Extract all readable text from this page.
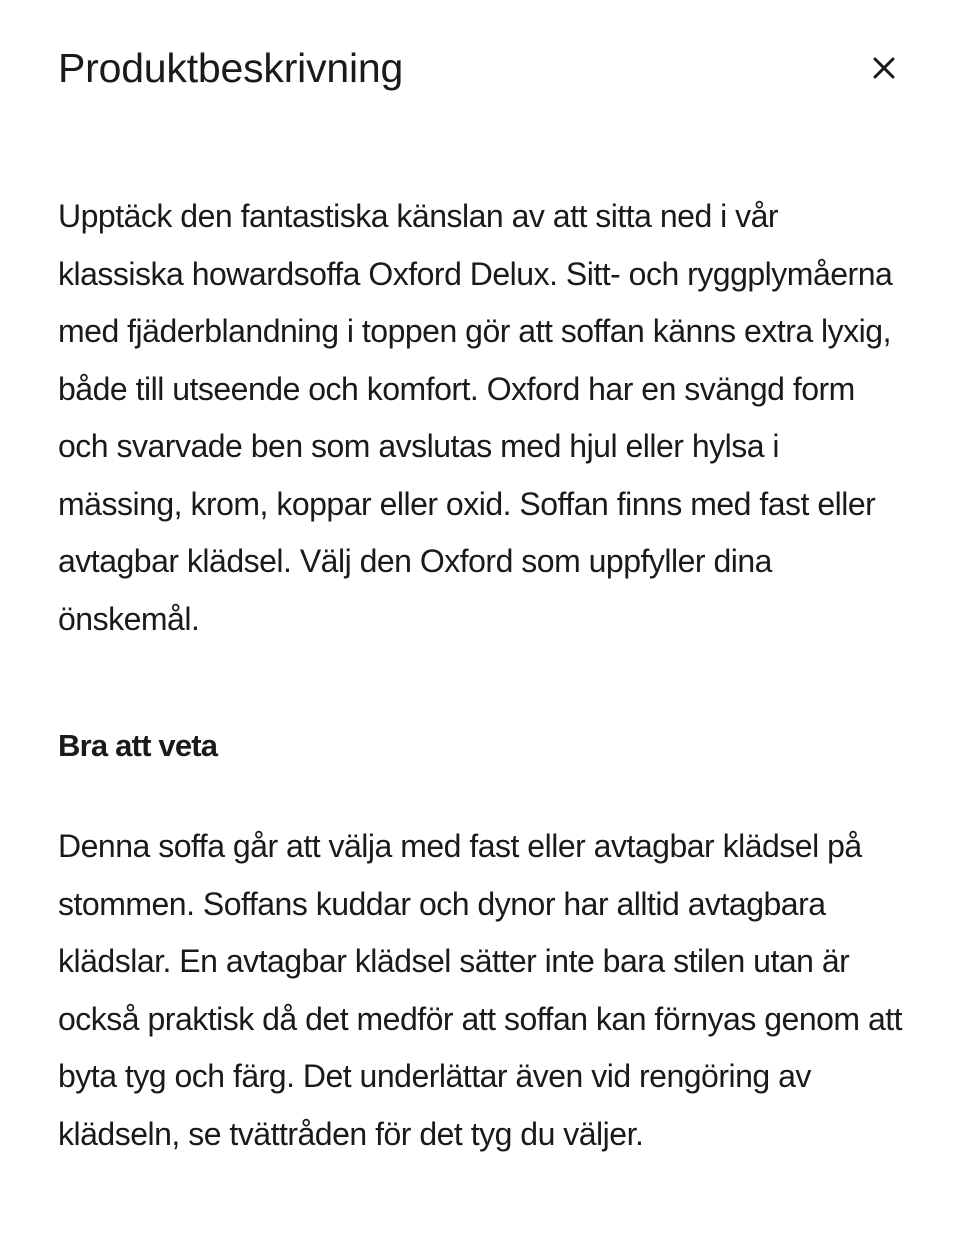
Produktbeskrivning

Upptäck den fantastiska känslan av att sitta ned i vår klassiska howardsoffa Oxford Delux. Sitt- och ryggplymåerna med fjäderblandning i toppen gör att soffan känns extra lyxig, både till utseende och komfort. Oxford har en svängd form och svarvade ben som avslutas med hjul eller hylsa i mässing, krom, koppar eller oxid. Soffan finns med fast eller avtagbar klädsel. Välj den Oxford som uppfyller dina önskemål.

Bra att veta

Denna soffa går att välja med fast eller avtagbar klädsel på stommen. Soffans kuddar och dynor har alltid avtagbara klädslar. En avtagbar klädsel sätter inte bara stilen utan är också praktisk då det medför att soffan kan förnyas genom att byta tyg och färg. Det underlättar även vid rengöring av klädseln, se tvättråden för det tyg du väljer.
